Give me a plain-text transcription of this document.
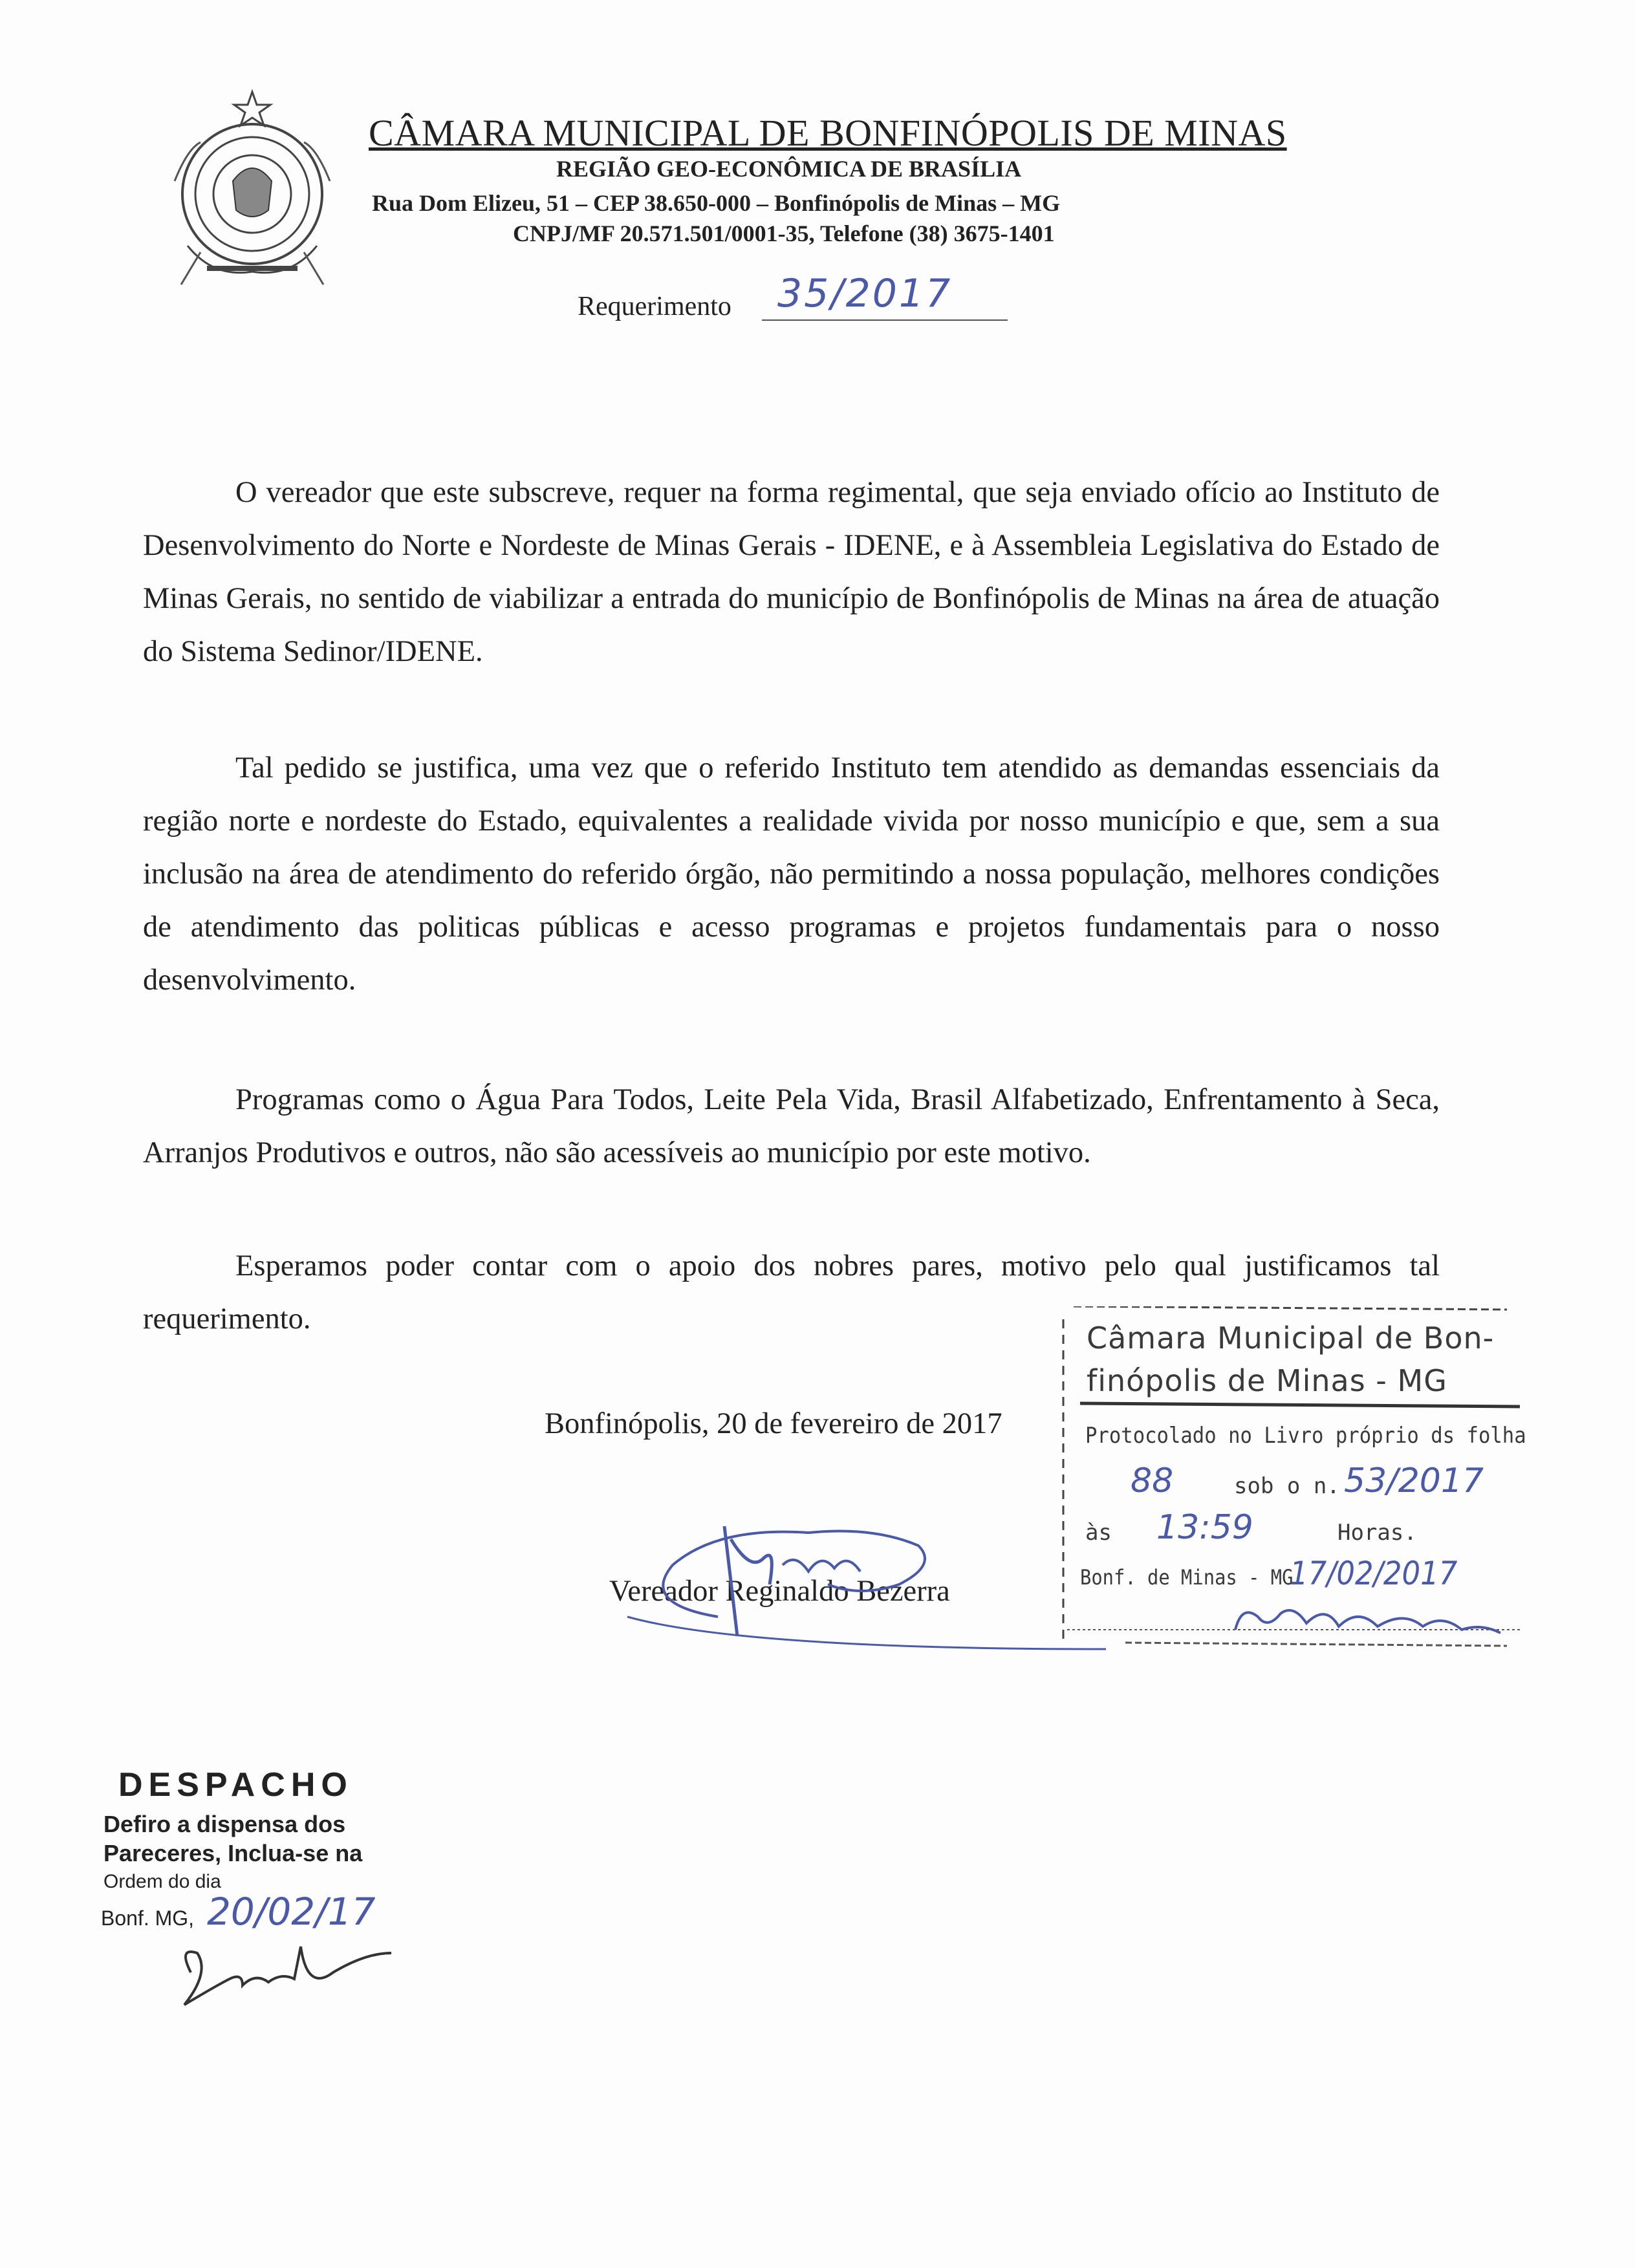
CÂMARA MUNICIPAL DE BONFINÓPOLIS DE MINAS
REGIÃO GEO-ECONÔMICA DE BRASÍLIA
Rua Dom Elizeu, 51 – CEP 38.650-000 – Bonfinópolis de Minas – MG
CNPJ/MF 20.571.501/0001-35, Telefone (38) 3675-1401
Requerimento 35/2017
O vereador que este subscreve, requer na forma regimental, que seja enviado ofício ao Instituto de Desenvolvimento do Norte e Nordeste de Minas Gerais - IDENE, e à Assembleia Legislativa do Estado de Minas Gerais, no sentido de viabilizar a entrada do município de Bonfinópolis de Minas na área de atuação do Sistema Sedinor/IDENE.
Tal pedido se justifica, uma vez que o referido Instituto tem atendido as demandas essenciais da região norte e nordeste do Estado, equivalentes a realidade vivida por nosso município e que, sem a sua inclusão na área de atendimento do referido órgão, não permitindo a nossa população, melhores condições de atendimento das politicas públicas e acesso programas e projetos fundamentais para o nosso desenvolvimento.
Programas como o Água Para Todos, Leite Pela Vida, Brasil Alfabetizado, Enfrentamento à Seca, Arranjos Produtivos e outros, não são acessíveis ao município por este motivo.
Esperamos poder contar com o apoio dos nobres pares, motivo pelo qual justificamos tal requerimento.
Bonfinópolis, 20 de fevereiro de 2017
Vereador Reginaldo Bezerra
Câmara Municipal de Bon-
finópolis de Minas - MG
Protocolado no Livro próprio ds folha
88	sob o n. 53/2017
às 13:59	Horas.
Bonf. de Minas - MG
17/02/2017
DESPACHO
Defiro a dispensa dos
Pareceres, Inclua-se na
Ordem do dia
Bonf. MG, 20/02/17
